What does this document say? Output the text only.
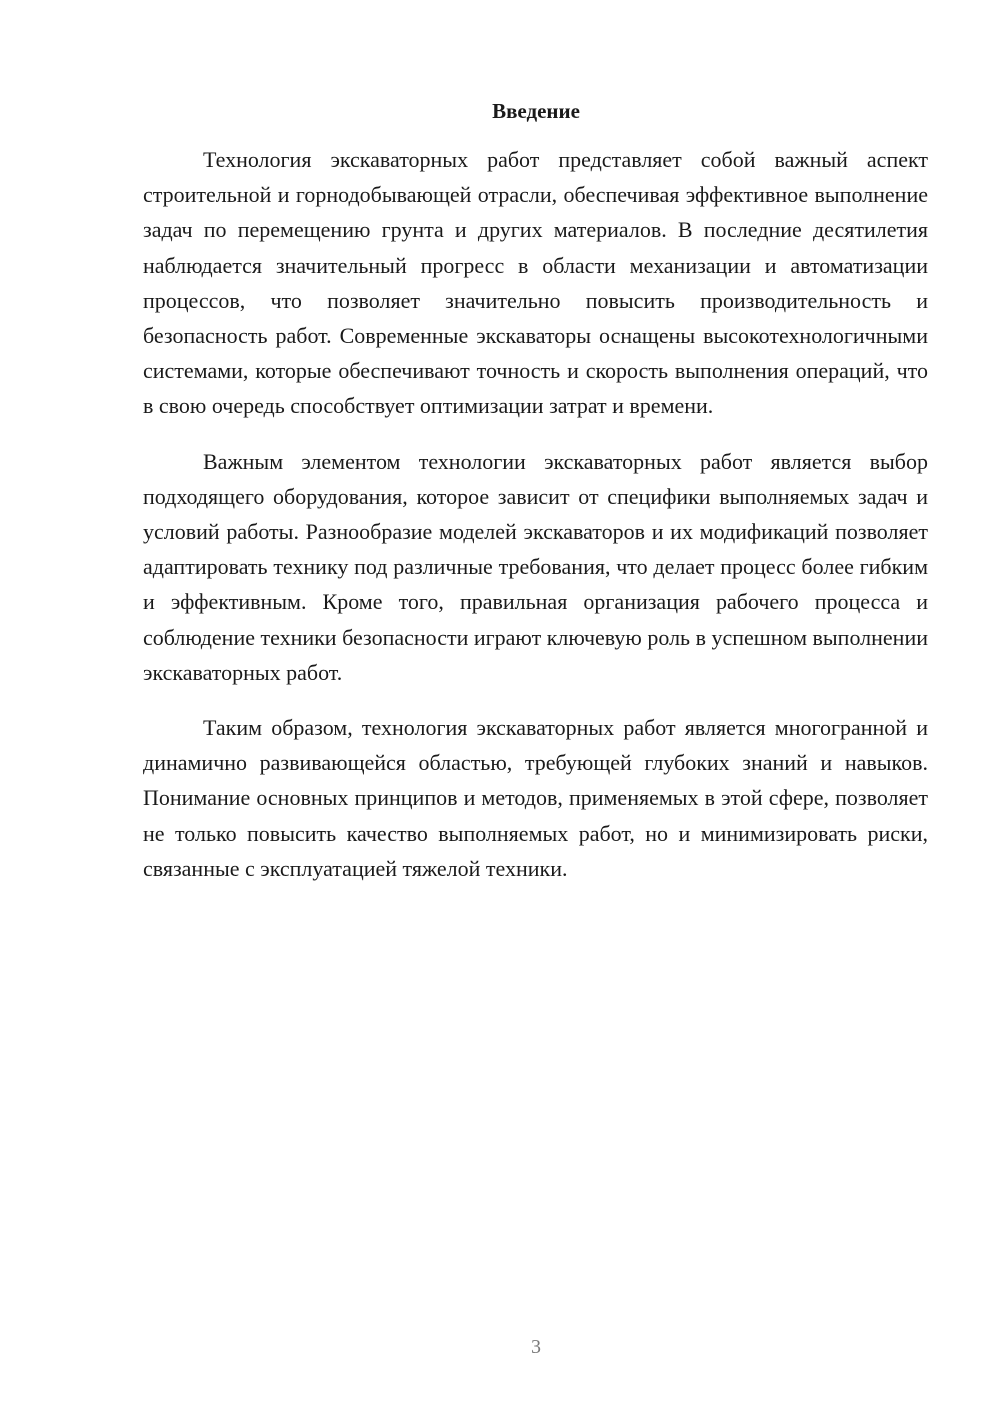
Введение

Технология экскаваторных работ представляет собой важный аспект строительной и горнодобывающей отрасли, обеспечивая эффективное выполнение задач по перемещению грунта и других материалов. В последние десятилетия наблюдается значительный прогресс в области механизации и автоматизации процессов, что позволяет значительно повысить производительность и безопасность работ. Современные экскаваторы оснащены высокотехнологичными системами, которые обеспечивают точность и скорость выполнения операций, что в свою очередь способствует оптимизации затрат и времени.

Важным элементом технологии экскаваторных работ является выбор подходящего оборудования, которое зависит от специфики выполняемых задач и условий работы. Разнообразие моделей экскаваторов и их модификаций позволяет адаптировать технику под различные требования, что делает процесс более гибким и эффективным. Кроме того, правильная организация рабочего процесса и соблюдение техники безопасности играют ключевую роль в успешном выполнении экскаваторных работ.

Таким образом, технология экскаваторных работ является многогранной и динамично развивающейся областью, требующей глубоких знаний и навыков. Понимание основных принципов и методов, применяемых в этой сфере, позволяет не только повысить качество выполняемых работ, но и минимизировать риски, связанные с эксплуатацией тяжелой техники.

3
